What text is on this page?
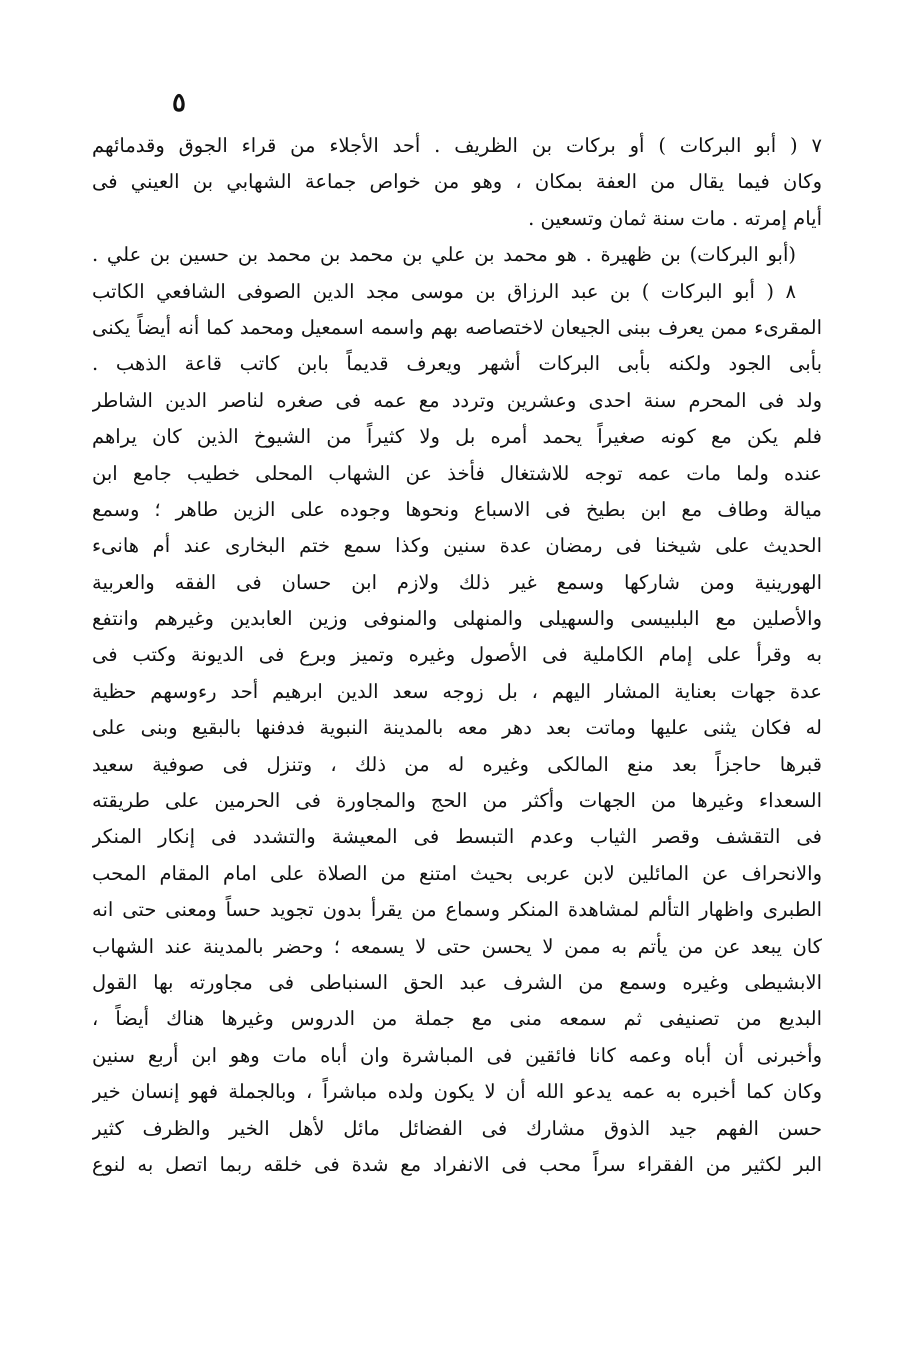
٥
٧ ( أبو البركات ) أو بركات بن الظريف . أحد الأجلاء من قراء الجوق وقدمائهم
وكان فيما يقال من العفة بمكان ، وهو من خواص جماعة الشهابي بن العيني فى
أيام إمرته . مات سنة ثمان وتسعين .
(أبو البركات) بن ظهيرة . هو محمد بن علي بن محمد بن محمد بن حسين بن علي .
٨ ( أبو البركات ) بن عبد الرزاق بن موسى مجد الدين الصوفى الشافعي الكاتب
المقرىء ممن يعرف ببنى الجيعان لاختصاصه بهم واسمه اسمعيل ومحمد كما أنه أيضاً يكنى
بأبى الجود ولكنه بأبى البركات أشهر ويعرف قديماً بابن كاتب قاعة الذهب .
ولد فى المحرم سنة احدى وعشرين وتردد مع عمه فى صغره لناصر الدين الشاطر
فلم يكن مع كونه صغيراً يحمد أمره بل ولا كثيراً من الشيوخ الذين كان يراهم
عنده ولما مات عمه توجه للاشتغال فأخذ عن الشهاب المحلى خطيب جامع ابن
ميالة وطاف مع ابن بطيخ فى الاسباع ونحوها وجوده على الزين طاهر ؛ وسمع
الحديث على شيخنا فى رمضان عدة سنين وكذا سمع ختم البخارى عند أم هانىء
الهورينية ومن شاركها وسمع غير ذلك ولازم ابن حسان فى الفقه والعربية
والأصلين مع البلبيسى والسهيلى والمنهلى والمنوفى وزين العابدين وغيرهم وانتفع
به وقرأ على إمام الكاملية فى الأصول وغيره وتميز وبرع فى الديونة وكتب فى
عدة جهات بعناية المشار اليهم ، بل زوجه سعد الدين ابرهيم أحد رءوسهم حظية
له فكان يثنى عليها وماتت بعد دهر معه بالمدينة النبوية فدفنها بالبقيع وبنى على
قبرها حاجزاً بعد منع المالكى وغيره له من ذلك ، وتنزل فى صوفية سعيد
السعداء وغيرها من الجهات وأكثر من الحج والمجاورة فى الحرمين على طريقته
فى التقشف وقصر الثياب وعدم التبسط فى المعيشة والتشدد فى إنكار المنكر
والانحراف عن المائلين لابن عربى بحيث امتنع من الصلاة على امام المقام المحب
الطبرى واظهار التألم لمشاهدة المنكر وسماع من يقرأ بدون تجويد حساً ومعنى حتى انه
كان يبعد عن من يأتم به ممن لا يحسن حتى لا يسمعه ؛ وحضر بالمدينة عند الشهاب
الابشيطى وغيره وسمع من الشرف عبد الحق السنباطى فى مجاورته بها القول
البديع من تصنيفى ثم سمعه منى مع جملة من الدروس وغيرها هناك أيضاً ،
وأخبرنى أن أباه وعمه كانا فائقين فى المباشرة وان أباه مات وهو ابن أربع سنين
وكان كما أخبره به عمه يدعو الله أن لا يكون ولده مباشراً ، وبالجملة فهو إنسان خير
حسن الفهم جيد الذوق مشارك فى الفضائل مائل لأهل الخير والظرف كثير
البر لكثير من الفقراء سراً محب فى الانفراد مع شدة فى خلقه ربما اتصل به لنوع
